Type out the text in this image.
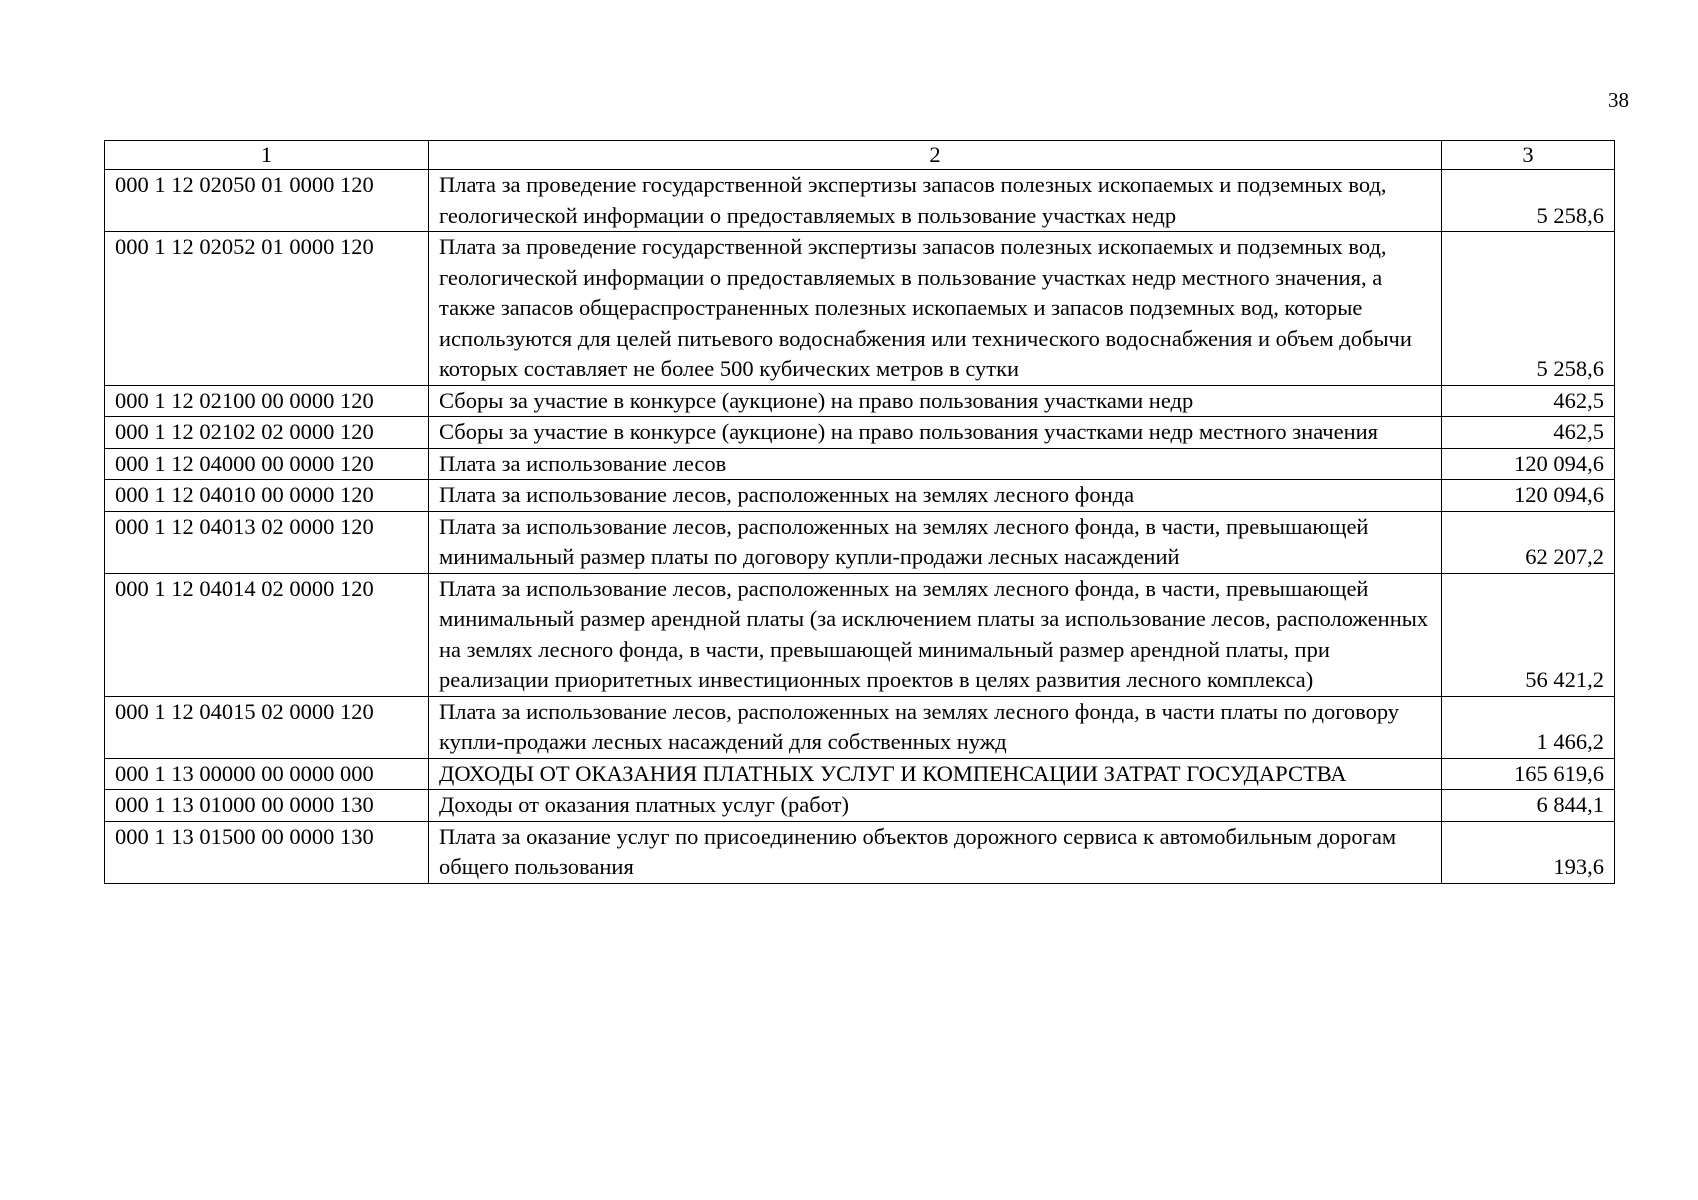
38
1	2	3
000 1 12 02050 01 0000 120	Плата за проведение государственной экспертизы запасов полезных ископаемых и подземных вод, геологической информации о предоставляемых в пользование участках недр	5 258,6
000 1 12 02052 01 0000 120	Плата за проведение государственной экспертизы запасов полезных ископаемых и подземных вод, геологической информации о предоставляемых в пользование участках недр местного значения, а также запасов общераспространенных полезных ископаемых и запасов подземных вод, которые используются для целей питьевого водоснабжения или технического водоснабжения и объем добычи которых составляет не более 500 кубических метров в сутки	5 258,6
000 1 12 02100 00 0000 120	Сборы за участие в конкурсе (аукционе) на право пользования участками недр	462,5
000 1 12 02102 02 0000 120	Сборы за участие в конкурсе (аукционе) на право пользования участками недр местного значения	462,5
000 1 12 04000 00 0000 120	Плата за использование лесов	120 094,6
000 1 12 04010 00 0000 120	Плата за использование лесов, расположенных на землях лесного фонда	120 094,6
000 1 12 04013 02 0000 120	Плата за использование лесов, расположенных на землях лесного фонда, в части, превышающей минимальный размер платы по договору купли-продажи лесных насаждений	62 207,2
000 1 12 04014 02 0000 120	Плата за использование лесов, расположенных на землях лесного фонда, в части, превышающей минимальный размер арендной платы (за исключением платы за использование лесов, расположенных на землях лесного фонда, в части, превышающей минимальный размер арендной платы, при реализации приоритетных инвестиционных проектов в целях развития лесного комплекса)	56 421,2
000 1 12 04015 02 0000 120	Плата за использование лесов, расположенных на землях лесного фонда, в части платы по договору купли-продажи лесных насаждений для собственных нужд	1 466,2
000 1 13 00000 00 0000 000	ДОХОДЫ ОТ ОКАЗАНИЯ ПЛАТНЫХ УСЛУГ И КОМПЕНСАЦИИ ЗАТРАТ ГОСУДАРСТВА	165 619,6
000 1 13 01000 00 0000 130	Доходы от оказания платных услуг (работ)	6 844,1
000 1 13 01500 00 0000 130	Плата за оказание услуг по присоединению объектов дорожного сервиса к автомобильным дорогам общего пользования	193,6
